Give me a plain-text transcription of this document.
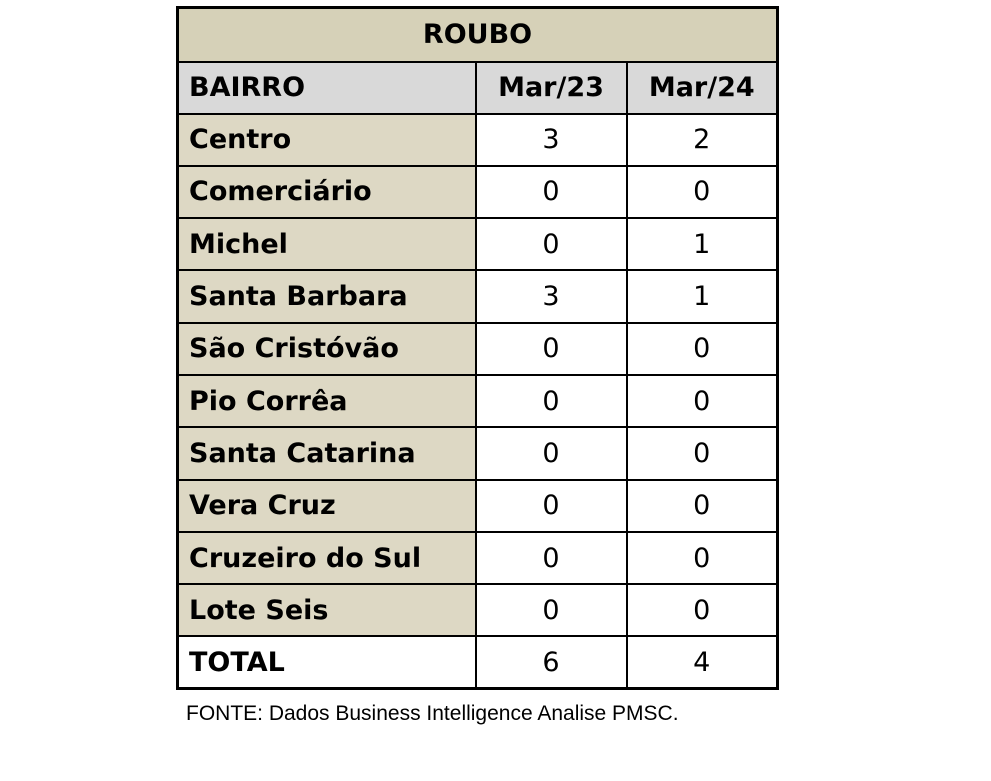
ROUBO		
BAIRRO	Mar/23	Mar/24
Centro	3	2
Comerciário	0	0
Michel	0	1
Santa Barbara	3	1
São Cristóvão	0	0
Pio Corrêa	0	0
Santa Catarina	0	0
Vera Cruz	0	0
Cruzeiro do Sul	0	0
Lote Seis	0	0
TOTAL	6	4
FONTE: Dados Business Intelligence Analise PMSC.
